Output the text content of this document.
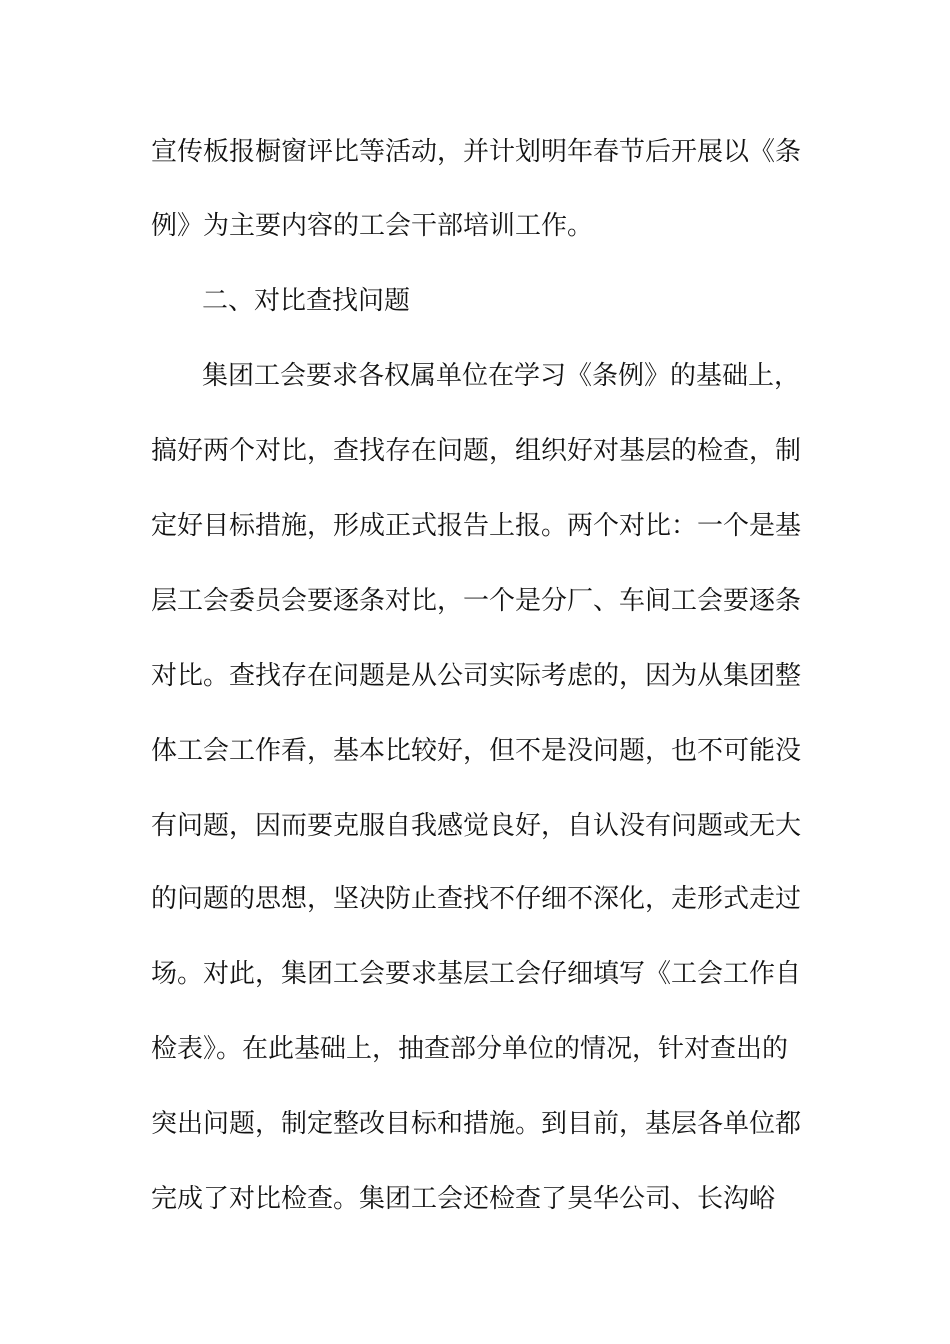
宣传板报橱窗评比等活动，并计划明年春节后开展以《条
例》为主要内容的工会干部培训工作。
二、对比查找问题
集团工会要求各权属单位在学习《条例》的基础上，
搞好两个对比，查找存在问题，组织好对基层的检查，制
定好目标措施，形成正式报告上报。两个对比：一个是基
层工会委员会要逐条对比，一个是分厂、车间工会要逐条
对比。查找存在问题是从公司实际考虑的，因为从集团整
体工会工作看，基本比较好，但不是没问题，也不可能没
有问题，因而要克服自我感觉良好，自认没有问题或无大
的问题的思想，坚决防止查找不仔细不深化，走形式走过
场。对此，集团工会要求基层工会仔细填写《工会工作自
检表》。在此基础上，抽查部分单位的情况，针对查出的
突出问题，制定整改目标和措施。到目前，基层各单位都
完成了对比检查。集团工会还检查了昊华公司、长沟峪
